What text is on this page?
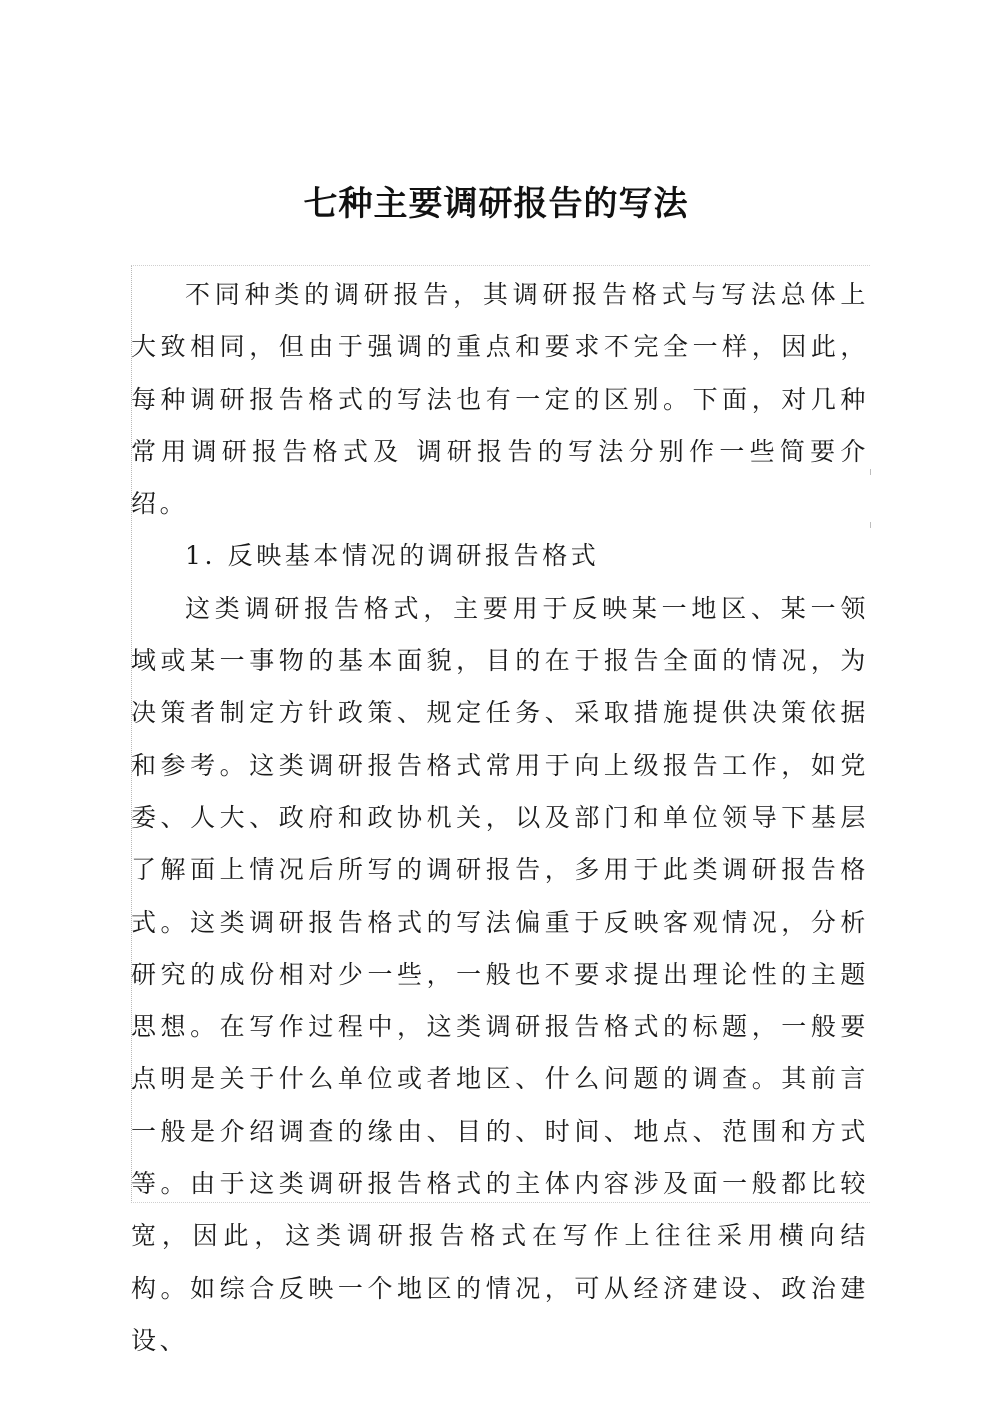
七种主要调研报告的写法

不同种类的调研报告，其调研报告格式与写法总体上大致相同，但由于强调的重点和要求不完全一样，因此，每种调研报告格式的写法也有一定的区别。下面，对几种常用调研报告格式及 调研报告的写法分别作一些简要介绍。

1. 反映基本情况的调研报告格式

这类调研报告格式，主要用于反映某一地区、某一领域或某一事物的基本面貌，目的在于报告全面的情况，为决策者制定方针政策、规定任务、采取措施提供决策依据和参考。这类调研报告格式常用于向上级报告工作，如党委、人大、政府和政协机关，以及部门和单位领导下基层了解面上情况后所写的调研报告，多用于此类调研报告格式。这类调研报告格式的写法偏重于反映客观情况，分析研究的成份相对少一些，一般也不要求提出理论性的主题思想。在写作过程中，这类调研报告格式的标题，一般要点明是关于什么单位或者地区、什么问题的调查。其前言一般是介绍调查的缘由、目的、时间、地点、范围和方式等。由于这类调研报告格式的主体内容涉及面一般都比较宽，因此，这类调研报告格式在写作上往往采用横向结构。如综合反映一个地区的情况，可从经济建设、政治建设、
